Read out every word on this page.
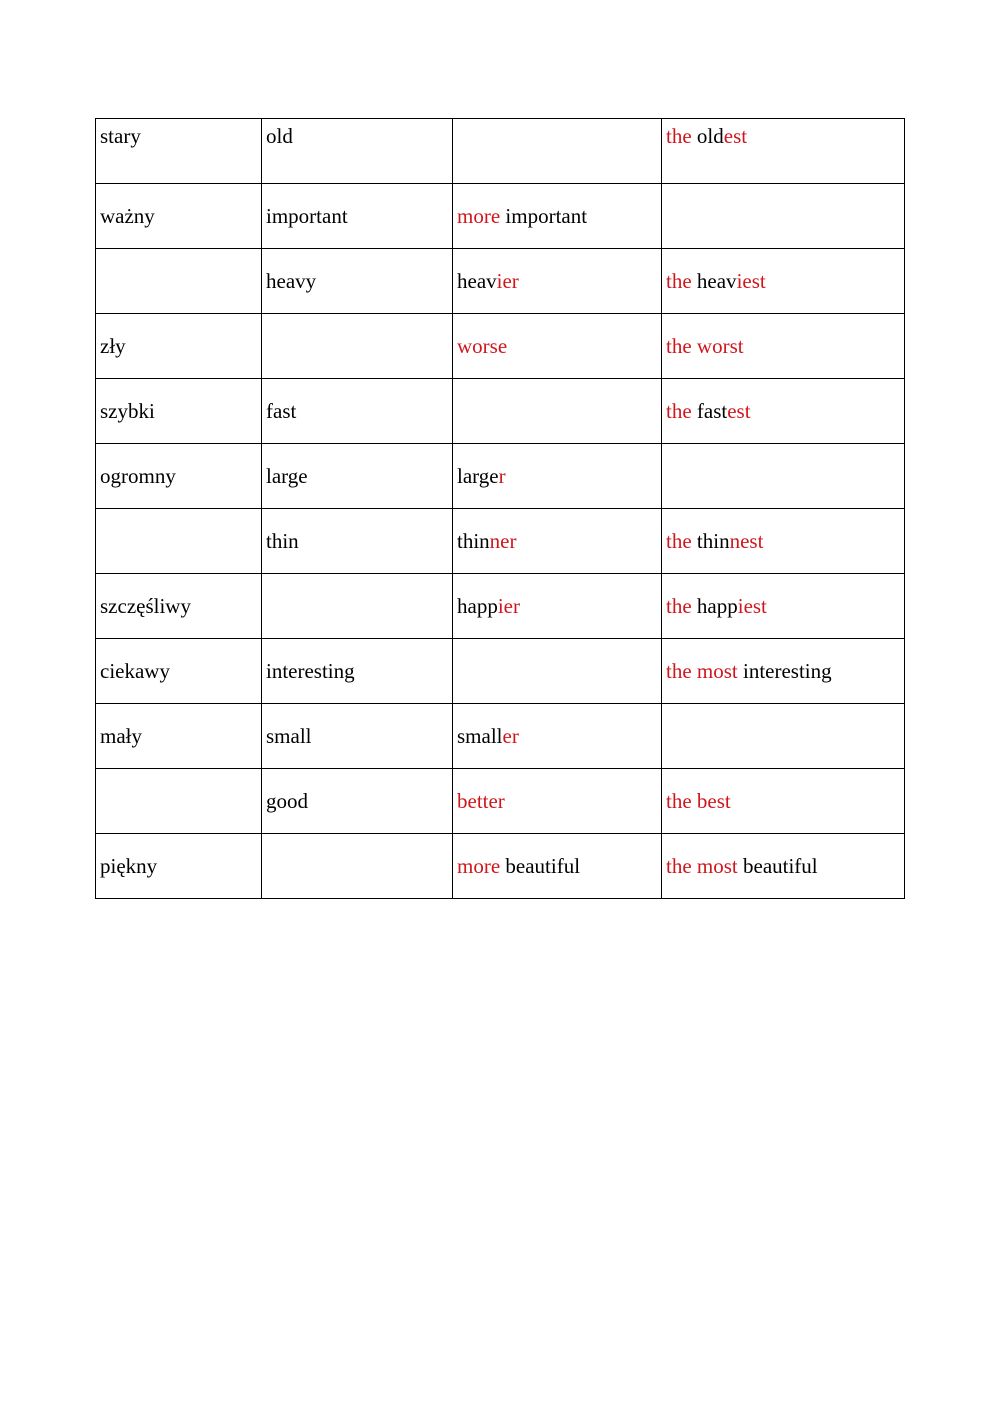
stary	old		the oldest
ważny	important	more important	
	heavy	heavier	the heaviest
zły		worse	the worst
szybki	fast		the fastest
ogromny	large	larger	
	thin	thinner	the thinnest
szczęśliwy		happier	the happiest
ciekawy	interesting		the most interesting
mały	small	smaller	
	good	better	the best
piękny		more beautiful	the most beautiful
